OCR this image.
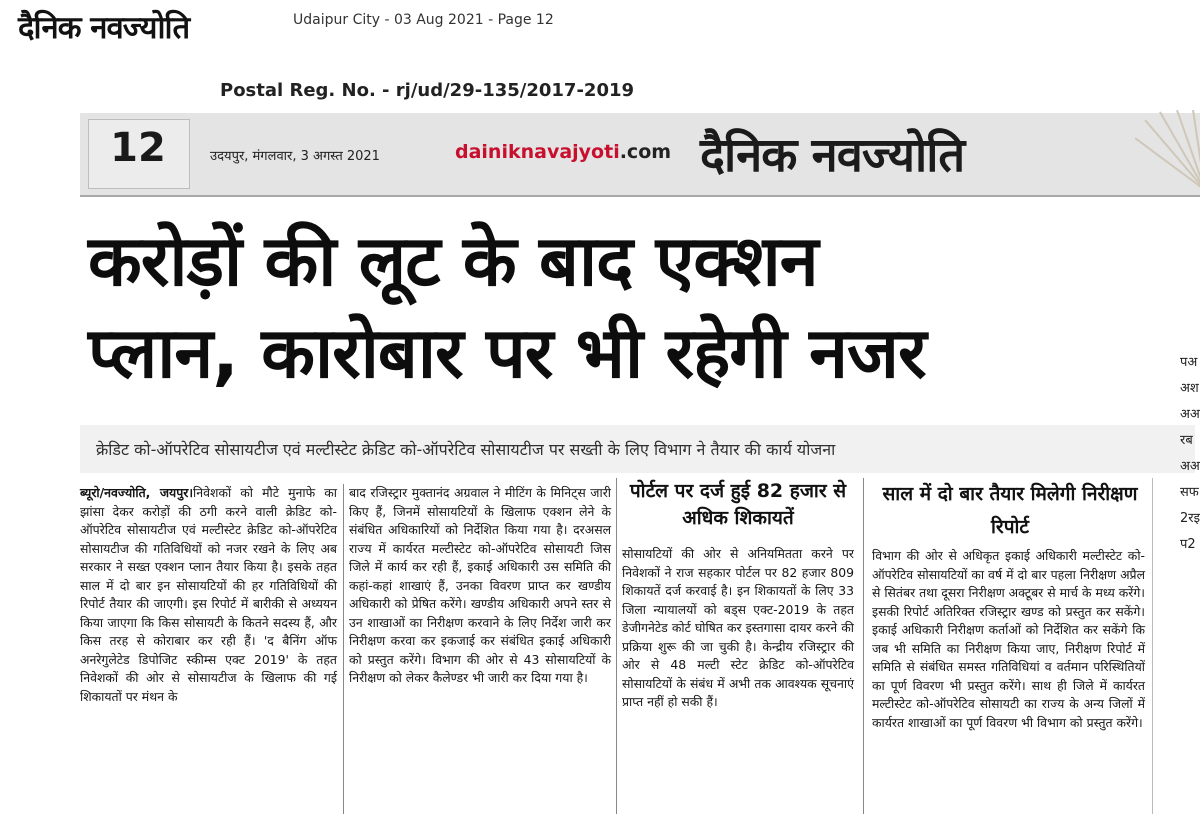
दैनिक नवज्योति	Udaipur City - 03 Aug 2021 - Page 12
Postal Reg. No. - rj/ud/29-135/2017-2019
12	उदयपुर, मंगलवार, 3 अगस्त 2021	dainiknavajyoti.com दैनिक नवज्योति
करोड़ों की लूट के बाद एक्शन
प्लान, कारोबार पर भी रहेगी नजर
क्रेडिट को-ऑपरेटिव सोसायटीज एवं मल्टीस्टेट क्रेडिट को-ऑपरेटिव सोसायटीज पर सख्ती के लिए विभाग ने तैयार की कार्य योजना
ब्यूरो/नवज्योति, जयपुर।निवेशकों को मौटे मुनाफे का झांसा देकर करोड़ों की ठगी करने वाली क्रेडिट को-ऑपरेटिव सोसायटीज एवं मल्टीस्टेट क्रेडिट को-ऑपरेटिव सोसायटीज की गतिविधियों को नजर रखने के लिए अब सरकार ने सख्त एक्शन प्लान तैयार किया है। इसके तहत साल में दो बार इन सोसायटियों की हर गतिविधियों की रिपोर्ट तैयार की जाएगी। इस रिपोर्ट में बारीकी से अध्ययन किया जाएगा कि किस सोसायटी के कितने सदस्य हैं, और किस तरह से कोराबार कर रही हैं। 'द बैनिंग ऑफ अनरेगुलेटेड डिपोजिट स्कीम्स एक्ट 2019' के तहत निवेशकों की ओर से सोसायटीज के खिलाफ की गई शिकायतों पर मंथन के
बाद रजिस्ट्रार मुक्तानंद अग्रवाल ने मीटिंग के मिनिट्स जारी किए हैं, जिनमें सोसायटियों के खिलाफ एक्शन लेने के संबंधित अधिकारियों को निर्देशित किया गया है। दरअसल राज्य में कार्यरत मल्टीस्टेट को-ऑपरेटिव सोसायटी जिस जिले में कार्य कर रही हैं, इकाई अधिकारी उस समिति की कहां-कहां शाखाएं हैं, उनका विवरण प्राप्त कर खण्डीय अधिकारी को प्रेषित करेंगे। खण्डीय अधिकारी अपने स्तर से उन शाखाओं का निरीक्षण करवाने के लिए निर्देश जारी कर निरीक्षण करवा कर इकजाई कर संबंधित इकाई अधिकारी को प्रस्तुत करेंगे। विभाग की ओर से 43 सोसायटियों के निरीक्षण को लेकर कैलेण्डर भी जारी कर दिया गया है।
पोर्टल पर दर्ज हुई 82 हजार से अधिक शिकायतें
सोसायटियों की ओर से अनियमितता करने पर निवेशकों ने राज सहकार पोर्टल पर 82 हजार 809 शिकायतें दर्ज करवाई है। इन शिकायतों के लिए 33 जिला न्यायालयों को बड्स एक्ट-2019 के तहत डेजीगनेटेड कोर्ट घोषित कर इस्तगासा दायर करने की प्रक्रिया शुरू की जा चुकी है। केन्द्रीय रजिस्ट्रार की ओर से 48 मल्टी स्टेट क्रेडिट को-ऑपरेटिव सोसायटियों के संबंध में अभी तक आवश्यक सूचनाएं प्राप्त नहीं हो सकी हैं।
साल में दो बार तैयार मिलेगी निरीक्षण रिपोर्ट
विभाग की ओर से अधिकृत इकाई अधिकारी मल्टीस्टेट को-ऑपरेटिव सोसायटियों का वर्ष में दो बार पहला निरीक्षण अप्रैल से सितंबर तथा दूसरा निरीक्षण अक्टूबर से मार्च के मध्य करेंगे। इसकी रिपोर्ट अतिरिक्त रजिस्ट्रार खण्ड को प्रस्तुत कर सकेंगे। इकाई अधिकारी निरीक्षण कर्ताओं को निर्देशित कर सकेंगे कि जब भी समिति का निरीक्षण किया जाए, निरीक्षण रिपोर्ट में समिति से संबंधित समस्त गतिविधियां व वर्तमान परिस्थितियों का पूर्ण विवरण भी प्रस्तुत करेंगे। साथ ही जिले में कार्यरत मल्टीस्टेट को-ऑपरेटिव सोसायटी का राज्य के अन्य जिलों में कार्यरत शाखाओं का पूर्ण विवरण भी विभाग को प्रस्तुत करेंगे।
पअअशअअरबअअसफ2रइप2
